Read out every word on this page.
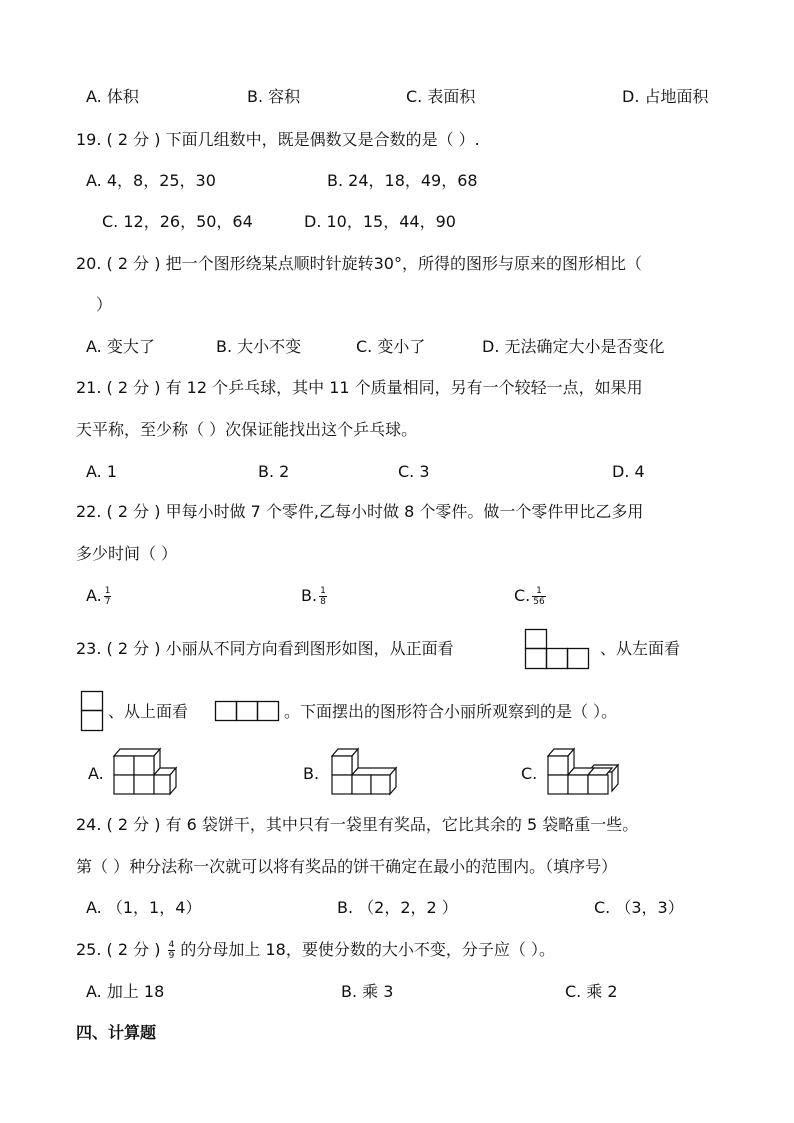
A. 体积	B. 容积	C. 表面积	D. 占地面积
19. ( 2 分 ) 下面几组数中，既是偶数又是合数的是（ ）.
A. 4，8，25，30	B. 24，18，49，68
C. 12，26，50，64	D. 10，15，44，90
20. ( 2 分 ) 把一个图形绕某点顺时针旋转30°，所得的图形与原来的图形相比（
）
A. 变大了	B. 大小不变	C. 变小了	D. 无法确定大小是否变化
21. ( 2 分 ) 有 12 个乒乓球，其中 11 个质量相同，另有一个较轻一点，如果用
天平称，至少称（ ）次保证能找出这个乒乓球。
A. 1	B. 2	C. 3	D. 4
22. ( 2 分 ) 甲每小时做 7 个零件,乙每小时做 8 个零件。做一个零件甲比乙多用
多少时间（ ）
A. $\frac{1}{7}$	B. $\frac{1}{8}$	C. $\frac{1}{56}$
23. ( 2 分 ) 小丽从不同方向看到图形如图，从正面看	、从左面看
、从上面看	。下面摆出的图形符合小丽所观察到的是（ ）。
A.	B.	C.
24. ( 2 分 ) 有 6 袋饼干，其中只有一袋里有奖品，它比其余的 5 袋略重一些。
第（ ）种分法称一次就可以将有奖品的饼干确定在最小的范围内。（填序号）
A. （1，1，4）	B. （2，2，2 ）	C. （3，3）
25. ( 2 分 ) $\frac{4}{9}$ 的分母加上 18，要使分数的大小不变，分子应（ ）。
A. 加上 18	B. 乘 3	C. 乘 2
四、计算题
